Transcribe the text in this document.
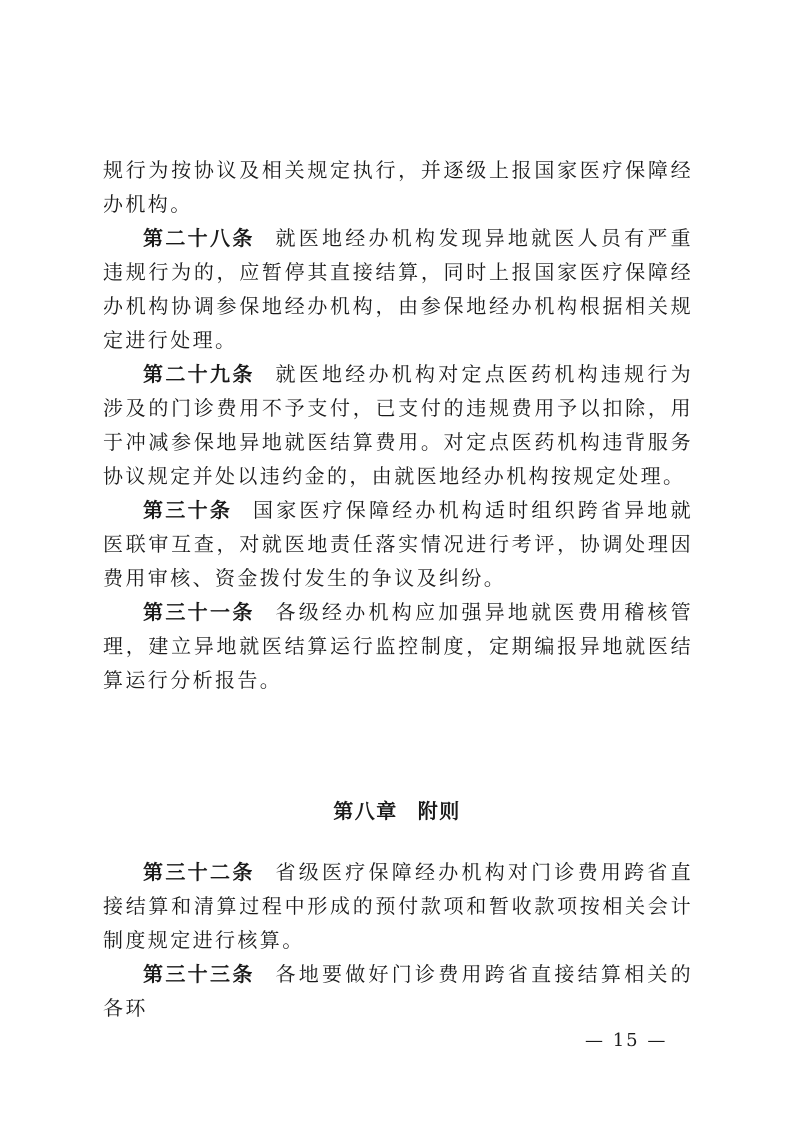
规行为按协议及相关规定执行，并逐级上报国家医疗保障经办机构。

第二十八条 就医地经办机构发现异地就医人员有严重违规行为的，应暂停其直接结算，同时上报国家医疗保障经办机构协调参保地经办机构，由参保地经办机构根据相关规定进行处理。

第二十九条 就医地经办机构对定点医药机构违规行为涉及的门诊费用不予支付，已支付的违规费用予以扣除，用于冲减参保地异地就医结算费用。对定点医药机构违背服务协议规定并处以违约金的，由就医地经办机构按规定处理。

第三十条 国家医疗保障经办机构适时组织跨省异地就医联审互查，对就医地责任落实情况进行考评，协调处理因费用审核、资金拨付发生的争议及纠纷。

第三十一条 各级经办机构应加强异地就医费用稽核管理，建立异地就医结算运行监控制度，定期编报异地就医结算运行分析报告。

第八章 附则

第三十二条 省级医疗保障经办机构对门诊费用跨省直接结算和清算过程中形成的预付款项和暂收款项按相关会计制度规定进行核算。

第三十三条 各地要做好门诊费用跨省直接结算相关的各环

— 15 —
